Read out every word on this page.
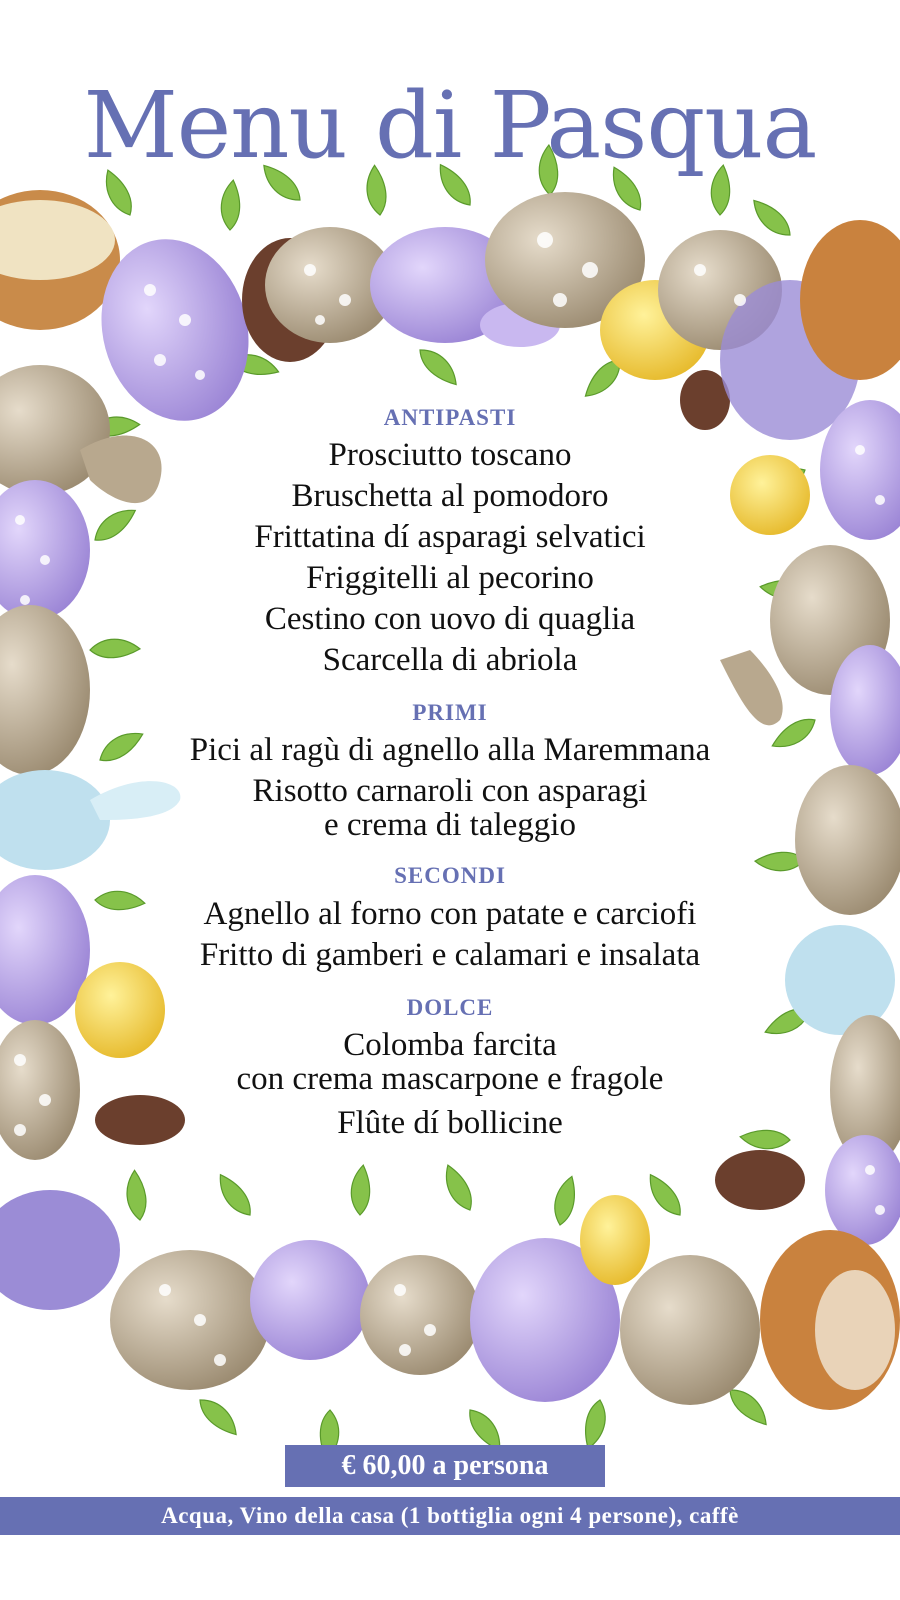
Menu di Pasqua
ANTIPASTI
Prosciutto toscano
Bruschetta al pomodoro
Frittatina dí asparagi selvatici
Friggitelli al pecorino
Cestino con uovo di quaglia
Scarcella di abriola
PRIMI
Pici al ragù di agnello alla Maremmana
Risotto carnaroli con asparagi
e crema di taleggio
SECONDI
Agnello al forno con patate e carciofi
Fritto di gamberi e calamari e insalata
DOLCE
Colomba farcita
con crema mascarpone e fragole
Flûte dí bollicine
€ 60,00 a persona
Acqua, Vino della casa (1 bottiglia ogni 4 persone), caffè
